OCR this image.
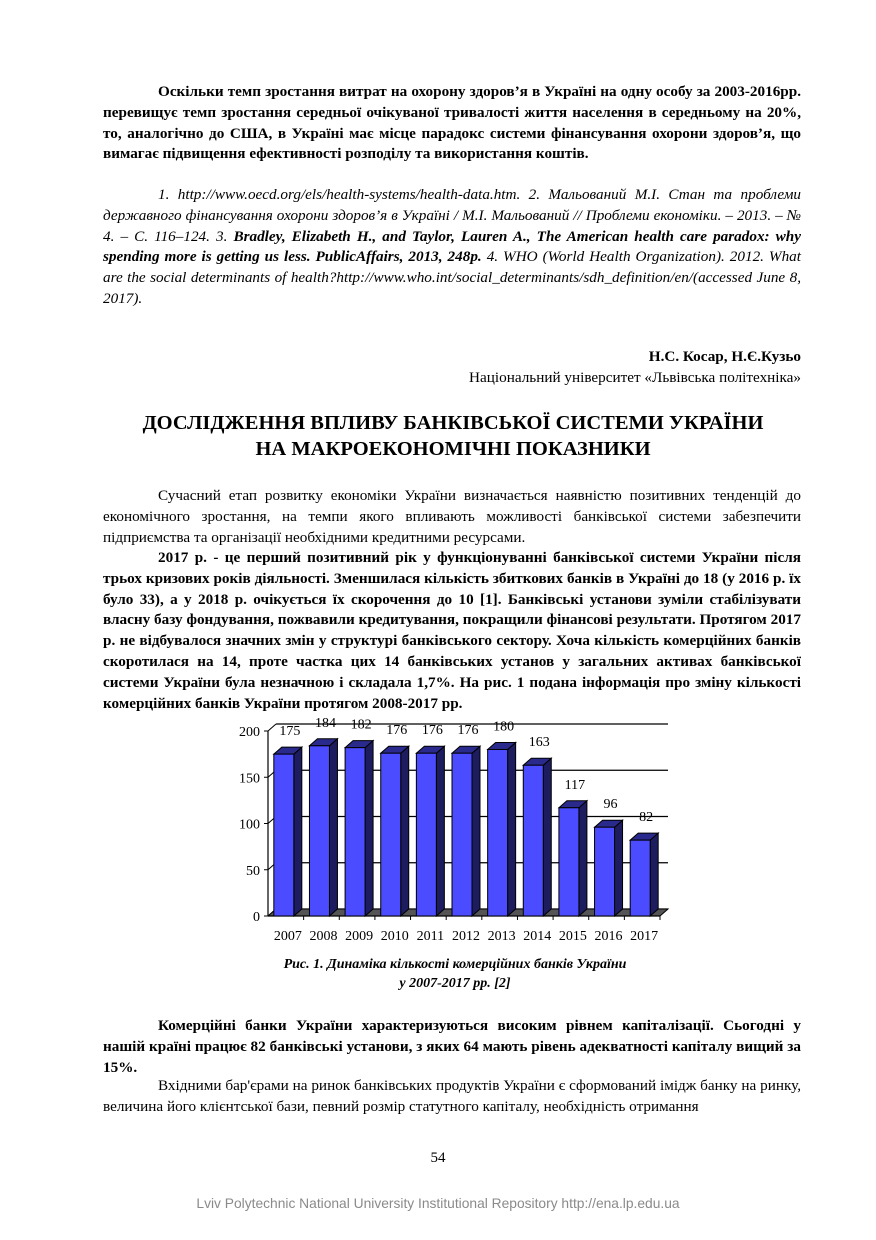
Оскільки темп зростання витрат на охорону здоров’я в Україні на одну особу за 2003-2016рр. перевищує темп зростання середньої очікуваної тривалості життя населення в середньому на 20%, то, аналогічно до США, в Україні має місце парадокс системи фінансування охорони здоров’я, що вимагає підвищення ефективності розподілу та використання коштів.

1. http://www.oecd.org/els/health-systems/health-data.htm. 2. Мальований М.І. Стан та проблеми державного фінансування охорони здоров’я в Україні / М.І. Мальований // Проблеми економіки. – 2013. – № 4. – С. 116–124. 3. Bradley, Elizabeth H., and Taylor, Lauren A., The American health care paradox: why spending more is getting us less. PublicAffairs, 2013, 248p. 4. WHO (World Health Organization). 2012. What are the social determinants of health?http://www.who.int/social_determinants/sdh_definition/en/(accessed June 8, 2017).

Н.С. Косар, Н.Є.Кузьо
Національний університет «Львівська політехніка»
ДОСЛІДЖЕННЯ ВПЛИВУ БАНКІВСЬКОЇ СИСТЕМИ УКРАЇНИ
НА МАКРОЕКОНОМІЧНІ ПОКАЗНИКИ

Сучасний етап розвитку економіки України визначається наявністю позитивних тенденцій до економічного зростання, на темпи якого впливають можливості банківської системи забезпечити підприємства та організації необхідними кредитними ресурсами.

2017 р. - це перший позитивний рік у функціонуванні банківської системи України після трьох кризових років діяльності. Зменшилася кількість збиткових банків в Україні до 18 (у 2016 р. їх було 33), а у 2018 р. очікується їх скорочення до 10 [1]. Банківські установи зуміли стабілізувати власну базу фондування, пожвавили кредитування, покращили фінансові результати. Протягом 2017 р. не відбувалося значних змін у структурі банківського сектору. Хоча кількість комерційних банків скоротилася на 14, проте частка цих 14 банківських установ у загальних активах банківської системи України була незначною і складала 1,7%. На рис. 1 подана інформація про зміну кількості комерційних банків України протягом 2008-2017 рр.

0
50
100
150
200 175
2007
184
2008
182
2009
176
2010
176
2011
176
2012
180
2013
163
2014
117
2015
96
2016
82
2017
Рис. 1. Динаміка кількості комерційних банків України
у 2007-2017 рр. [2]

Комерційні банки України характеризуються високим рівнем капіталізації. Сьогодні у нашій країні працює 82 банківські установи, з яких 64 мають рівень адекватності капіталу вищий за 15%.

Вхідними бар'єрами на ринок банківських продуктів України є сформований імідж банку на ринку, величина його клієнтської бази, певний розмір статутного капіталу, необхідність отримання

54
Lviv Polytechnic National University Institutional Repository http://ena.lp.edu.ua
